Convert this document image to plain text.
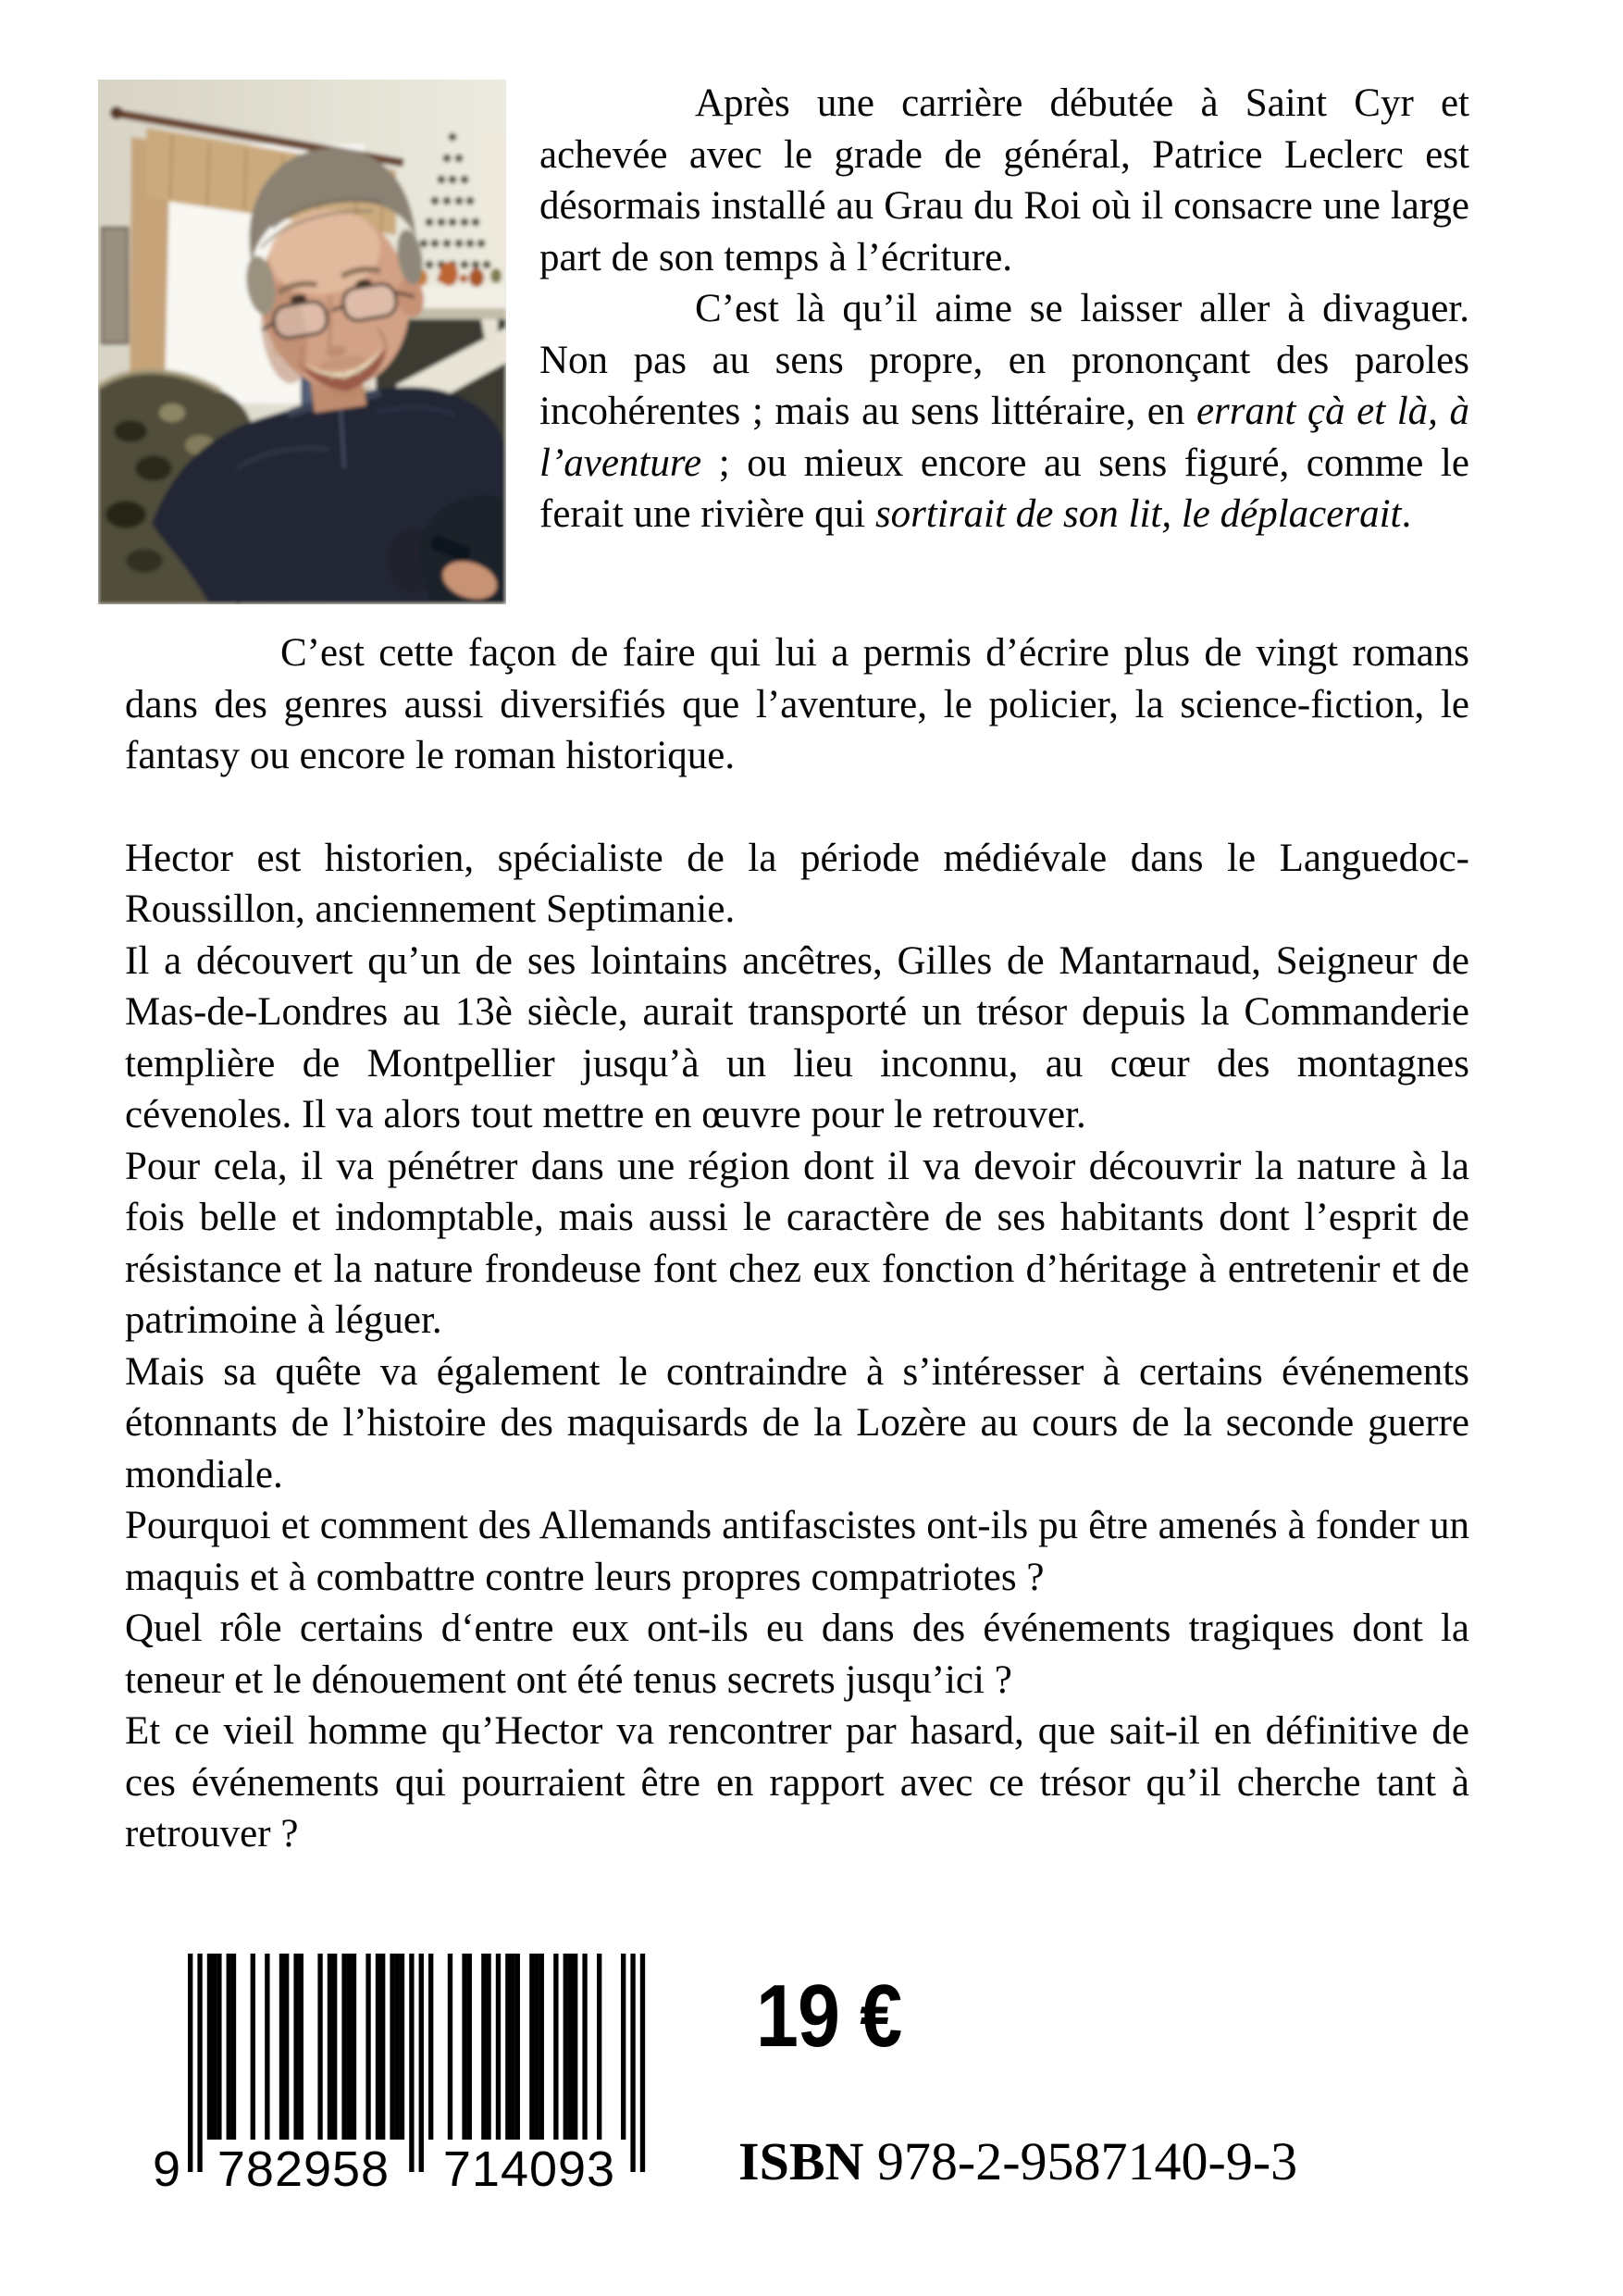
Après une carrière débutée à Saint Cyr et achevée avec le grade de général, Patrice Leclerc est désormais installé au Grau du Roi où il consacre une large part de son temps à l’écriture.

C’est là qu’il aime se laisser aller à divaguer. Non pas au sens propre, en prononçant des paroles incohérentes ; mais au sens littéraire, en errant çà et là, à l’aventure ; ou mieux encore au sens figuré, comme le ferait une rivière qui sortirait de son lit, le déplacerait.

C’est cette façon de faire qui lui a permis d’écrire plus de vingt romans dans des genres aussi diversifiés que l’aventure, le policier, la science-fiction, le fantasy ou encore le roman historique.

Hector est historien, spécialiste de la période médiévale dans le Languedoc-Roussillon, anciennement Septimanie.

Il a découvert qu’un de ses lointains ancêtres, Gilles de Mantarnaud, Seigneur de Mas-de-Londres au 13è siècle, aurait transporté un trésor depuis la Commanderie templière de Montpellier jusqu’à un lieu inconnu, au cœur des montagnes cévenoles. Il va alors tout mettre en œuvre pour le retrouver.

Pour cela, il va pénétrer dans une région dont il va devoir découvrir la nature à la fois belle et indomptable, mais aussi le caractère de ses habitants dont l’esprit de résistance et la nature frondeuse font chez eux fonction d’héritage à entretenir et de patrimoine à léguer.

Mais sa quête va également le contraindre à s’intéresser à certains événements étonnants de l’histoire des maquisards de la Lozère au cours de la seconde guerre mondiale.

Pourquoi et comment des Allemands antifascistes ont-ils pu être amenés à fonder un maquis et à combattre contre leurs propres compatriotes ?

Quel rôle certains d‘entre eux ont-ils eu dans des événements tragiques dont la teneur et le dénouement ont été tenus secrets jusqu’ici ?

Et ce vieil homme qu’Hector va rencontrer par hasard, que sait-il en définitive de ces événements qui pourraient être en rapport avec ce trésor qu’il cherche tant à retrouver ?

9 782958 714093
19 €
ISBN 978-2-9587140-9-3
